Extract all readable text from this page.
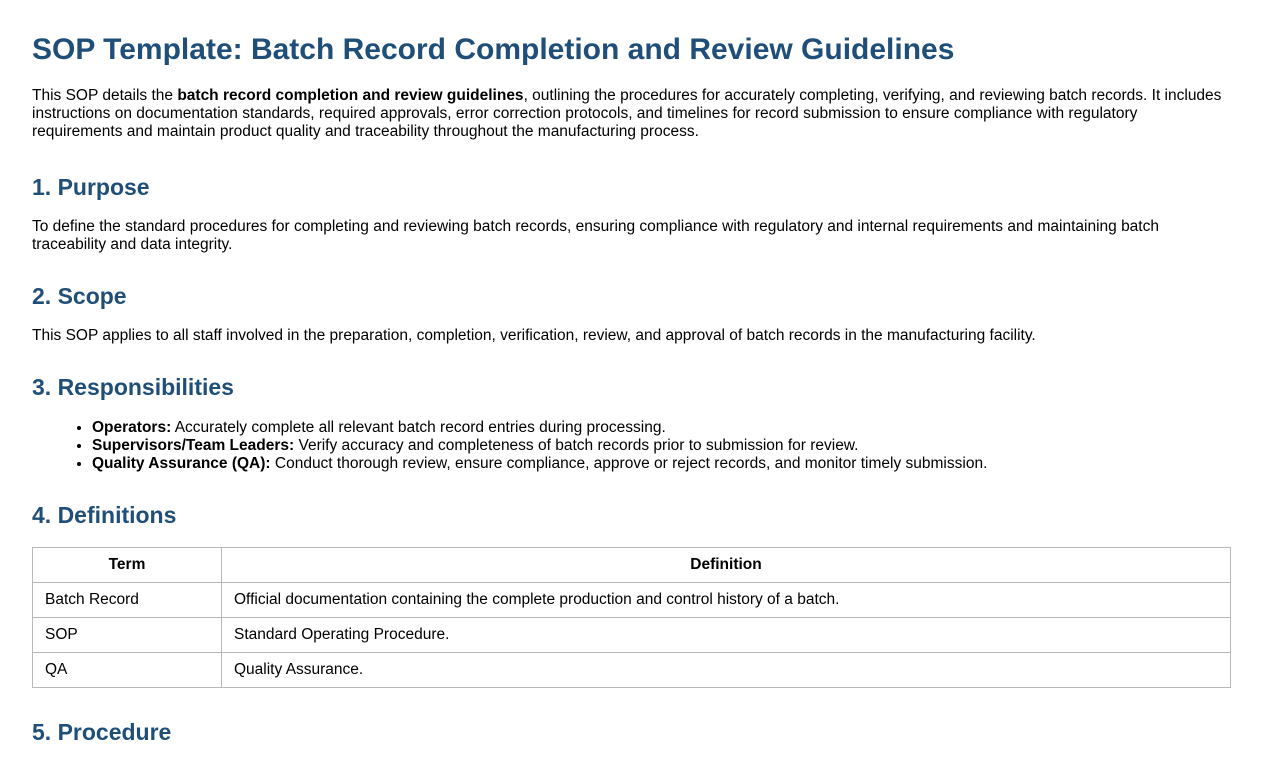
SOP Template: Batch Record Completion and Review Guidelines

This SOP details the batch record completion and review guidelines, outlining the procedures for accurately completing, verifying, and reviewing batch records. It includes instructions on documentation standards, required approvals, error correction protocols, and timelines for record submission to ensure compliance with regulatory requirements and maintain product quality and traceability throughout the manufacturing process.

1. Purpose

To define the standard procedures for completing and reviewing batch records, ensuring compliance with regulatory and internal requirements and maintaining batch traceability and data integrity.

2. Scope

This SOP applies to all staff involved in the preparation, completion, verification, review, and approval of batch records in the manufacturing facility.

3. Responsibilities
• Operators: Accurately complete all relevant batch record entries during processing.
• Supervisors/Team Leaders: Verify accuracy and completeness of batch records prior to submission for review.
• Quality Assurance (QA): Conduct thorough review, ensure compliance, approve or reject records, and monitor timely submission.
4. Definitions
Term	Definition
Batch Record	Official documentation containing the complete production and control history of a batch.
SOP	Standard Operating Procedure.
QA	Quality Assurance.
5. Procedure
